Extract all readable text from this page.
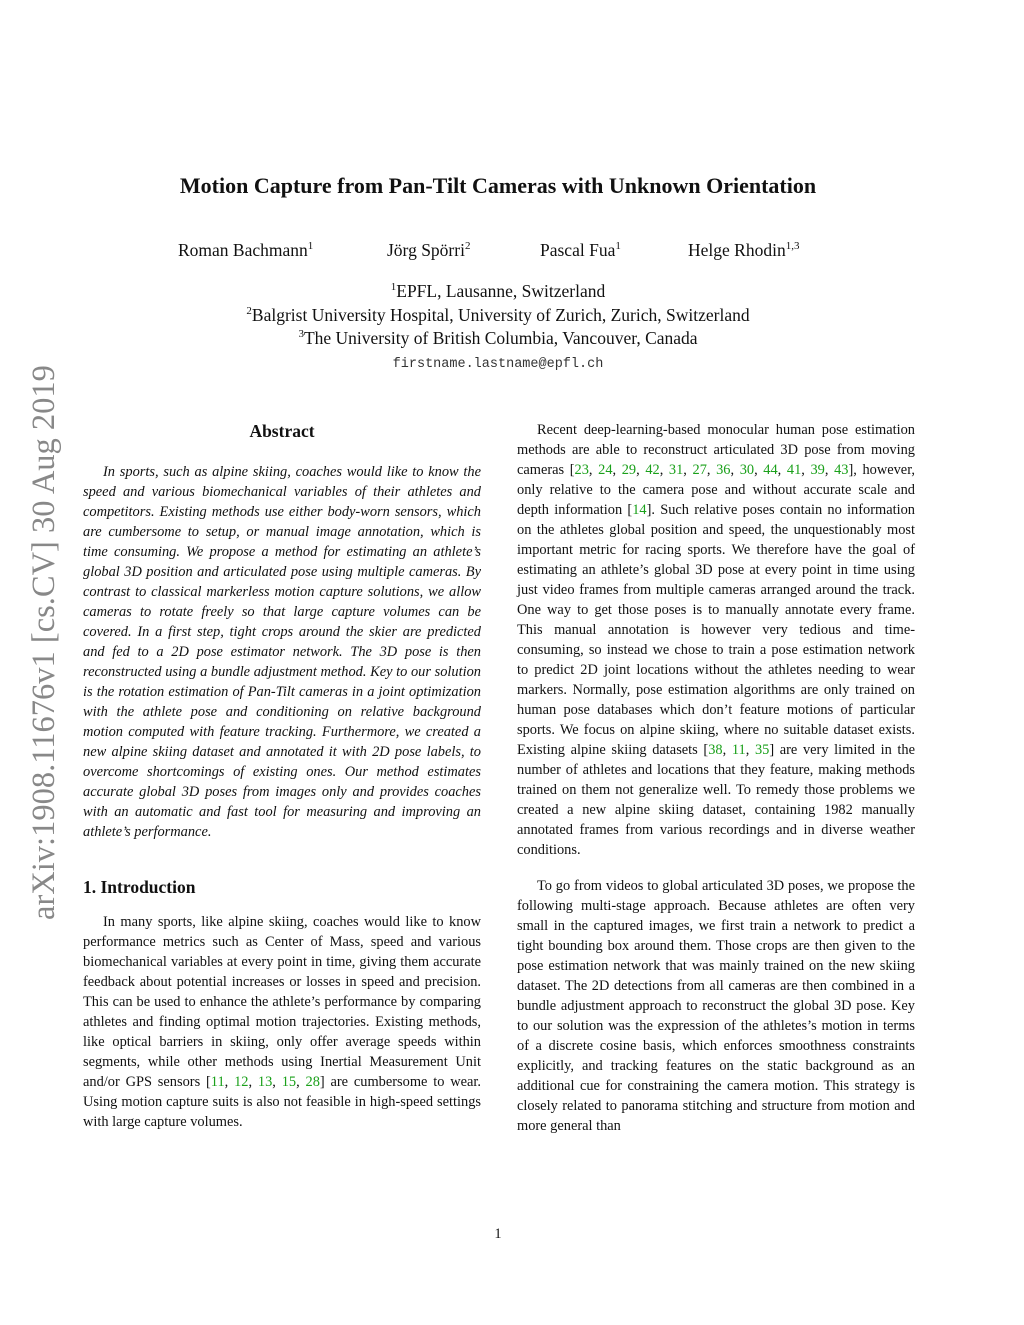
arXiv:1908.11676v1 [cs.CV] 30 Aug 2019
Motion Capture from Pan-Tilt Cameras with Unknown Orientation
Roman Bachmann$^1$	Jörg Spörri$^2$	Pascal Fua$^1$	Helge Rhodin$^{1,3}$
$^1$EPFL, Lausanne, Switzerland
$^2$Balgrist University Hospital, University of Zurich, Zurich, Switzerland
$^3$The University of British Columbia, Vancouver, Canada
firstname.lastname@epfl.ch
Abstract

In sports, such as alpine skiing, coaches would like to know the speed and various biomechanical variables of their athletes and competitors. Existing methods use either body-worn sensors, which are cumbersome to setup, or manual image annotation, which is time consuming. We propose a method for estimating an athlete’s global 3D position and articulated pose using multiple cameras. By contrast to classical markerless motion capture solutions, we allow cameras to rotate freely so that large capture volumes can be covered. In a first step, tight crops around the skier are predicted and fed to a 2D pose estimator network. The 3D pose is then reconstructed using a bundle adjustment method. Key to our solution is the rotation estimation of Pan-Tilt cameras in a joint optimization with the athlete pose and conditioning on relative background motion computed with feature tracking. Furthermore, we created a new alpine skiing dataset and annotated it with 2D pose labels, to overcome shortcomings of existing ones. Our method estimates accurate global 3D poses from images only and provides coaches with an automatic and fast tool for measuring and improving an athlete’s performance.

1. Introduction

In many sports, like alpine skiing, coaches would like to know performance metrics such as Center of Mass, speed and various biomechanical variables at every point in time, giving them accurate feedback about potential increases or losses in speed and precision. This can be used to enhance the athlete’s performance by comparing athletes and finding optimal motion trajectories. Existing methods, like optical barriers in skiing, only offer average speeds within segments, while other methods using Inertial Measurement Unit and/or GPS sensors [11, 12, 13, 15, 28] are cumbersome to wear. Using motion capture suits is also not feasible in high-speed settings with large capture volumes.

Recent deep-learning-based monocular human pose estimation methods are able to reconstruct articulated 3D pose from moving cameras [23, 24, 29, 42, 31, 27, 36, 30, 44, 41, 39, 43], however, only relative to the camera pose and without accurate scale and depth information [14]. Such relative poses contain no information on the athletes global position and speed, the unquestionably most important metric for racing sports. We therefore have the goal of estimating an athlete’s global 3D pose at every point in time using just video frames from multiple cameras arranged around the track. One way to get those poses is to manually annotate every frame. This manual annotation is however very tedious and time-consuming, so instead we chose to train a pose estimation network to predict 2D joint locations without the athletes needing to wear markers. Normally, pose estimation algorithms are only trained on human pose databases which don’t feature motions of particular sports. We focus on alpine skiing, where no suitable dataset exists. Existing alpine skiing datasets [38, 11, 35] are very limited in the number of athletes and locations that they feature, making methods trained on them not generalize well. To remedy those problems we created a new alpine skiing dataset, containing 1982 manually annotated frames from various recordings and in diverse weather conditions.

To go from videos to global articulated 3D poses, we propose the following multi-stage approach. Because athletes are often very small in the captured images, we first train a network to predict a tight bounding box around them. Those crops are then given to the pose estimation network that was mainly trained on the new skiing dataset. The 2D detections from all cameras are then combined in a bundle adjustment approach to reconstruct the global 3D pose. Key to our solution was the expression of the athletes’s motion in terms of a discrete cosine basis, which enforces smoothness constraints explicitly, and tracking features on the static background as an additional cue for constraining the camera motion. This strategy is closely related to panorama stitching and structure from motion and more general than

1
